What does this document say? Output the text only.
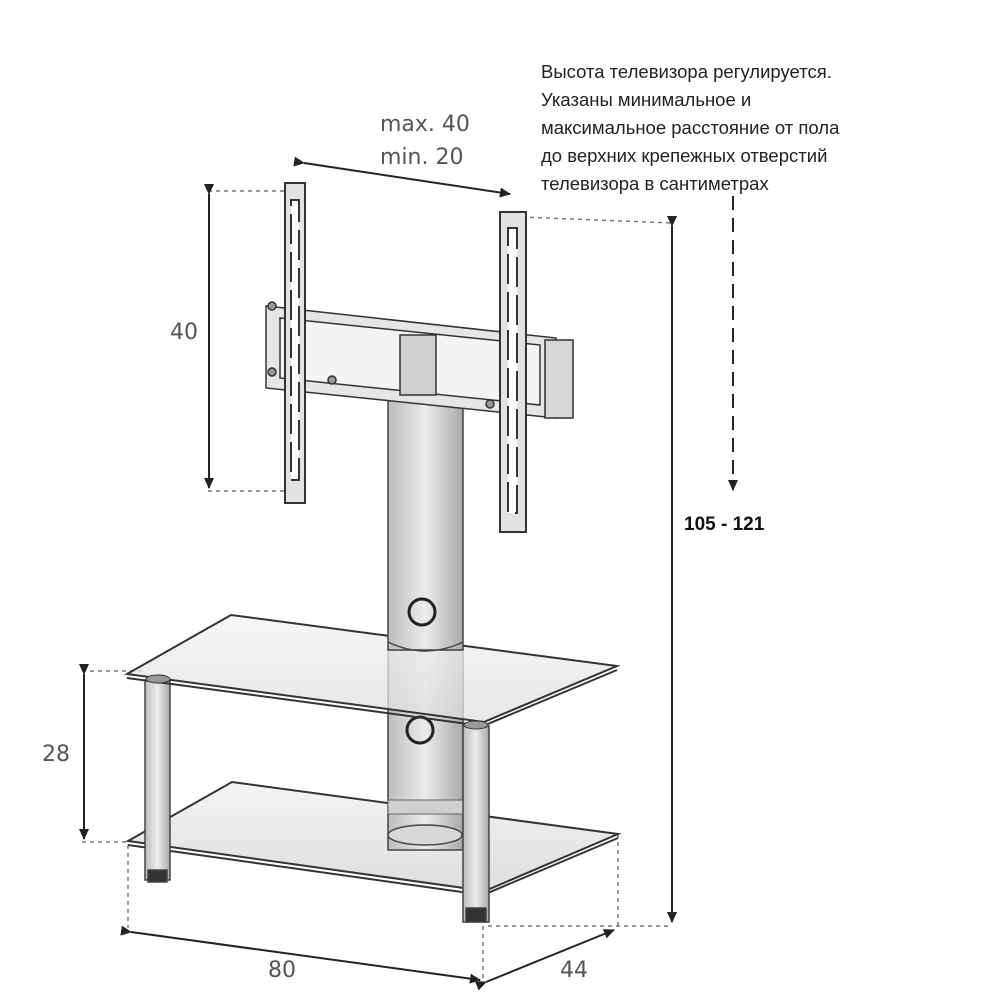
Высота телевизора регулируется.
Указаны минимальное и
максимальное расстояние от пола
до верхних крепежных отверстий
телевизора в сантиметрах
max. 40
min. 20
40
105 - 121
28
80	44
